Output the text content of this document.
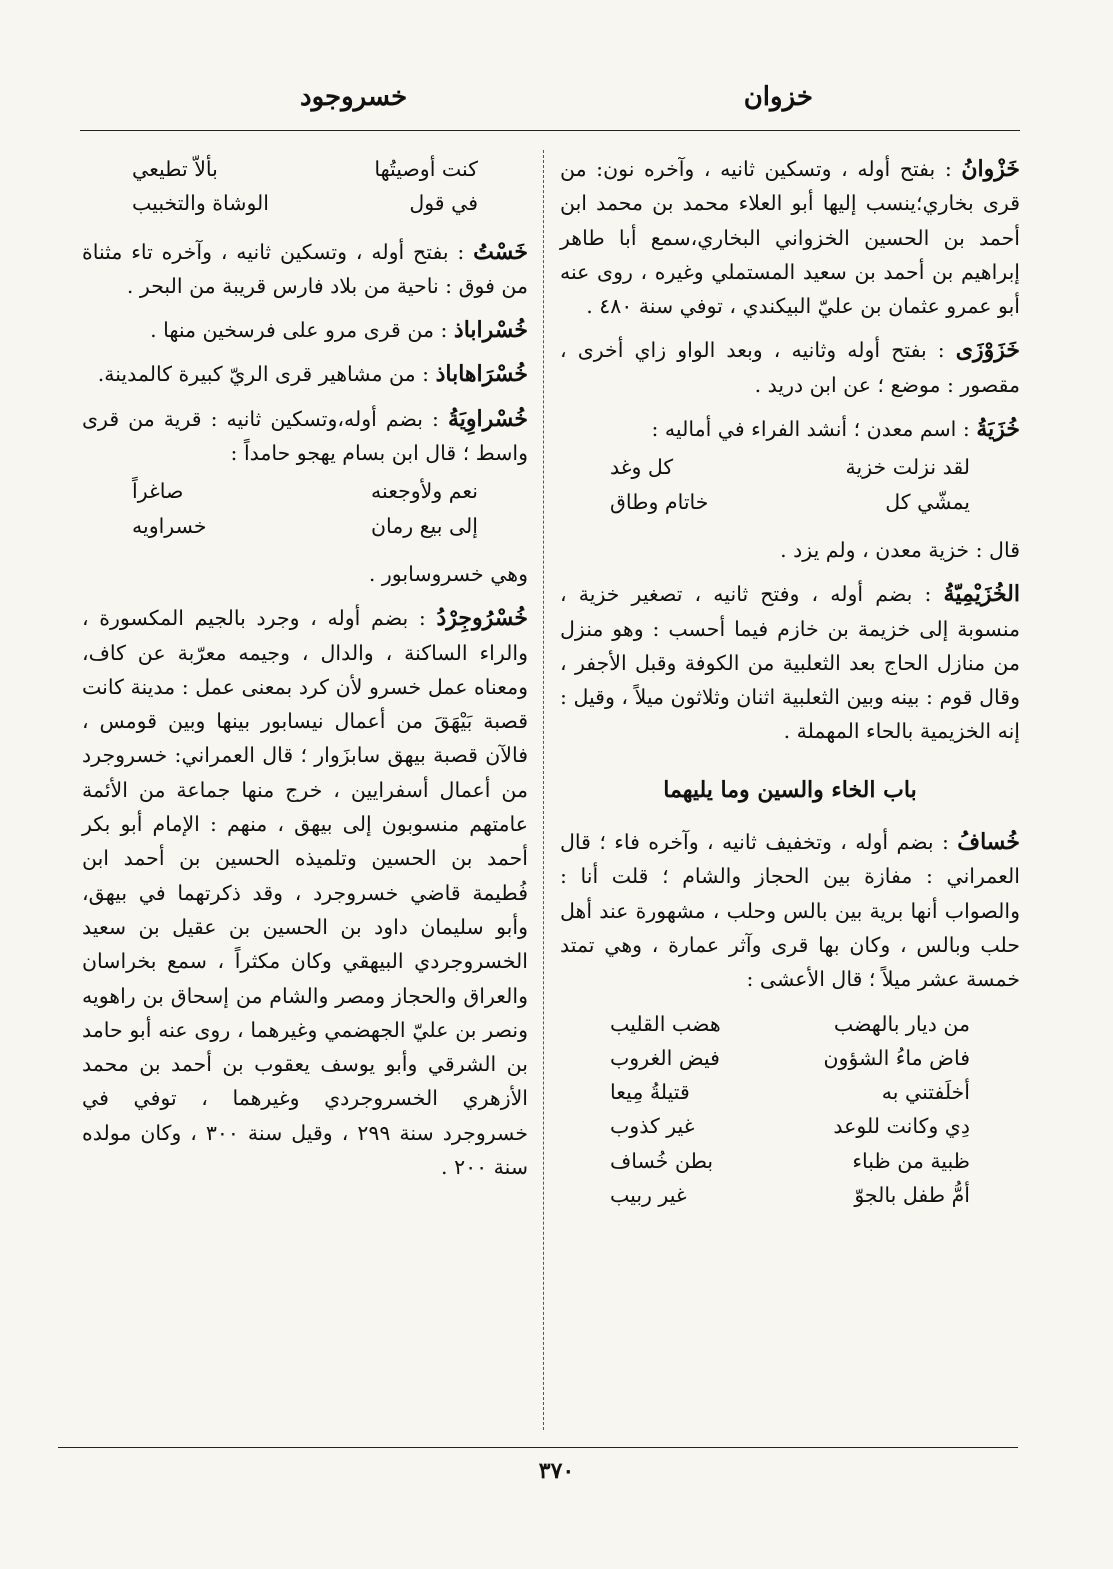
خزوان
خسروجود

خَزْوانُ : بفتح أوله ، وتسكين ثانيه ، وآخره نون: من قرى بخاري؛ينسب إليها أبو العلاء محمد بن محمد ابن أحمد بن الحسين الخزواني البخاري،سمع أبا طاهر إبراهيم بن أحمد بن سعيد المستملي وغيره ، روى عنه أبو عمرو عثمان بن عليّ البيكندي ، توفي سنة ٤٨٠ .

خَزَوْزَى : بفتح أوله وثانيه ، وبعد الواو زاي أخرى ، مقصور : موضع ؛ عن ابن دريد .

خُزَيَةُ : اسم معدن ؛ أنشد الفراء في أماليه :

لقد نزلت خزية
كل وغد
يمشّي كل
خاتام وطاق

قال : خزية معدن ، ولم يزد .

الخُزَيْمِيّةُ : بضم أوله ، وفتح ثانيه ، تصغير خزية ، منسوبة إلى خزيمة بن خازم فيما أحسب : وهو منزل من منازل الحاج بعد الثعلبية من الكوفة وقبل الأجفر ، وقال قوم : بينه وبين الثعلبية اثنان وثلاثون ميلاً ، وقيل : إنه الخزيمية بالحاء المهملة .

باب الخاء والسين وما يليهما

خُسافُ : بضم أوله ، وتخفيف ثانيه ، وآخره فاء ؛ قال العمراني : مفازة بين الحجاز والشام ؛ قلت أنا : والصواب أنها برية بين بالس وحلب ، مشهورة عند أهل حلب وبالس ، وكان بها قرى وآثر عمارة ، وهي تمتد خمسة عشر ميلاً ؛ قال الأعشى :

من ديار بالهضب
هضب القليب
فاض ماءُ الشؤون
فيض الغروب
أخلَفتني به
قتيلةُ مِيعا
دِي وكانت للوعد
غير كذوب
ظبية من ظباء
بطن خُساف
أمُّ طفل بالجوّ
غير ربيب
كنت أوصيتُها
بألاّ تطيعي
في قول
الوشاة والتخبيب

خَسْتُ : بفتح أوله ، وتسكين ثانيه ، وآخره تاء مثناة من فوق : ناحية من بلاد فارس قريبة من البحر .

خُسْراباذ : من قرى مرو على فرسخين منها .

خُسْرَاهاباذ : من مشاهير قرى الريّ كبيرة كالمدينة.

خُسْراوِيَةُ : بضم أوله،وتسكين ثانيه : قرية من قرى واسط ؛ قال ابن بسام يهجو حامداً :

نعم ولأوجعنه
صاغراً
إلى بيع رمان
خسراويه

وهي خسروسابور .

خُسْرُوجِرْدُ : بضم أوله ، وجرد بالجيم المكسورة ، والراء الساكنة ، والدال ، وجيمه معرّبة عن كاف، ومعناه عمل خسرو لأن كرد بمعنى عمل : مدينة كانت قصبة بَيْهَقَ من أعمال نيسابور بينها وبين قومس ، فالآن قصبة بيهق سابزَوار ؛ قال العمراني: خسروجرد من أعمال أسفرايين ، خرج منها جماعة من الأئمة عامتهم منسوبون إلى بيهق ، منهم : الإمام أبو بكر أحمد بن الحسين وتلميذه الحسين بن أحمد ابن فُطيمة قاضي خسروجرد ، وقد ذكرتهما في بيهق، وأبو سليمان داود بن الحسين بن عقيل بن سعيد الخسروجردي البيهقي وكان مكثراً ، سمع بخراسان والعراق والحجاز ومصر والشام من إسحاق بن راهويه ونصر بن عليّ الجهضمي وغيرهما ، روى عنه أبو حامد بن الشرقي وأبو يوسف يعقوب بن أحمد بن محمد الأزهري الخسروجردي وغيرهما ، توفي في خسروجرد سنة ٢٩٩ ، وقيل سنة ٣٠٠ ، وكان مولده سنة ٢٠٠ .

٣٧٠
